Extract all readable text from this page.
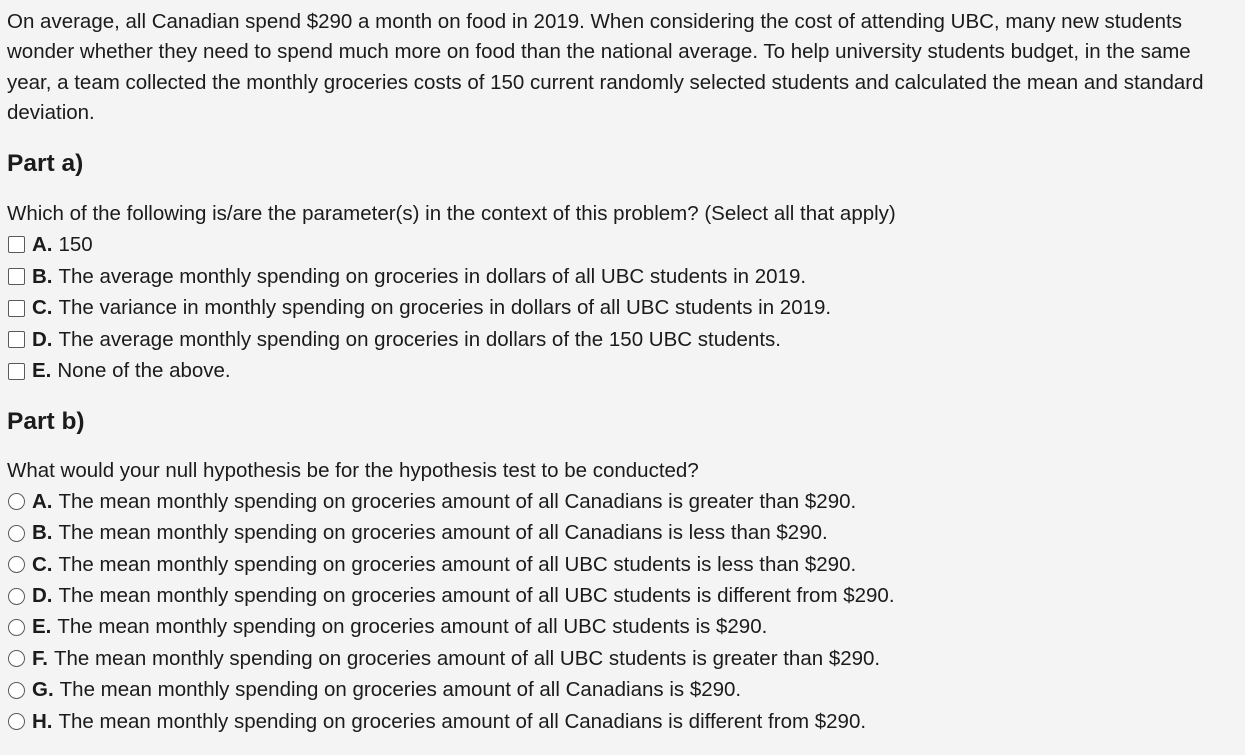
On average, all Canadian spend $290 a month on food in 2019. When considering the cost of attending UBC, many new students wonder whether they need to spend much more on food than the national average. To help university students budget, in the same year, a team collected the monthly groceries costs of 150 current randomly selected students and calculated the mean and standard deviation.

Part a)

Which of the following is/are the parameter(s) in the context of this problem? (Select all that apply)

A. 150
B. The average monthly spending on groceries in dollars of all UBC students in 2019.
C. The variance in monthly spending on groceries in dollars of all UBC students in 2019.
D. The average monthly spending on groceries in dollars of the 150 UBC students.
E. None of the above.
Part b)

What would your null hypothesis be for the hypothesis test to be conducted?

A. The mean monthly spending on groceries amount of all Canadians is greater than $290.
B. The mean monthly spending on groceries amount of all Canadians is less than $290.
C. The mean monthly spending on groceries amount of all UBC students is less than $290.
D. The mean monthly spending on groceries amount of all UBC students is different from $290.
E. The mean monthly spending on groceries amount of all UBC students is $290.
F. The mean monthly spending on groceries amount of all UBC students is greater than $290.
G. The mean monthly spending on groceries amount of all Canadians is $290.
H. The mean monthly spending on groceries amount of all Canadians is different from $290.
